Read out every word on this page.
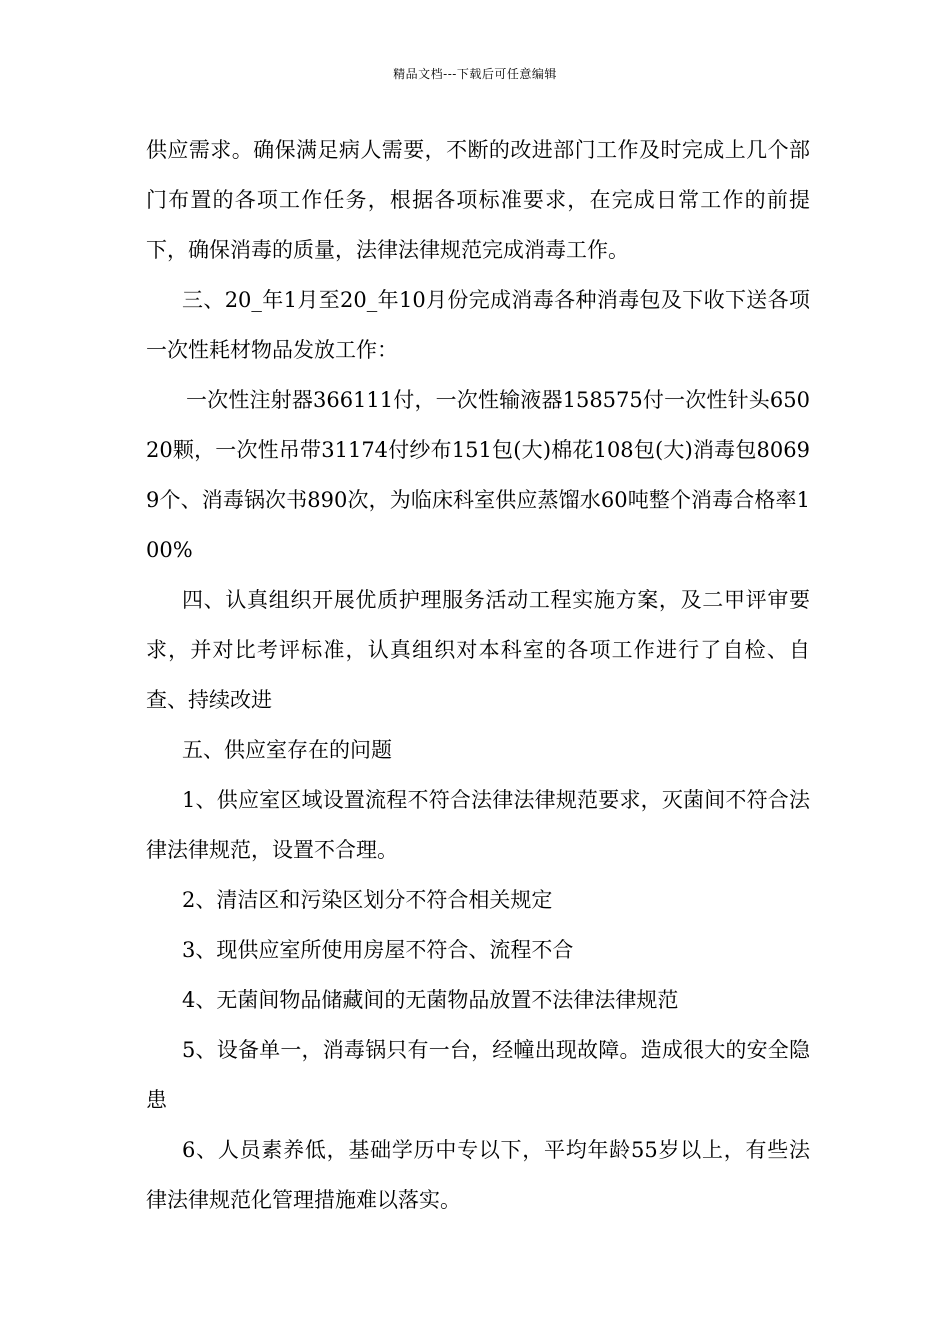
精品文档---下载后可任意编辑

供应需求。确保满足病人需要，不断的改进部门工作及时完成上几个部门布置的各项工作任务，根据各项标准要求，在完成日常工作的前提下，确保消毒的质量，法律法律规范完成消毒工作。

三、20_年1月至20_年10月份完成消毒各种消毒包及下收下送各项一次性耗材物品发放工作：

一次性注射器366111付，一次性输液器158575付一次性针头65020颗，一次性吊带31174付纱布151包(大)棉花108包(大)消毒包80699个、消毒锅次书890次，为临床科室供应蒸馏水60吨整个消毒合格率100%

四、认真组织开展优质护理服务活动工程实施方案，及二甲评审要求，并对比考评标准，认真组织对本科室的各项工作进行了自检、自查、持续改进

五、供应室存在的问题

1、供应室区域设置流程不符合法律法律规范要求，灭菌间不符合法律法律规范，设置不合理。

2、清洁区和污染区划分不符合相关规定

3、现供应室所使用房屋不符合、流程不合

4、无菌间物品储藏间的无菌物品放置不法律法律规范

5、设备单一，消毒锅只有一台，经幢出现故障。造成很大的安全隐患

6、人员素养低，基础学历中专以下，平均年龄55岁以上，有些法律法律规范化管理措施难以落实。
